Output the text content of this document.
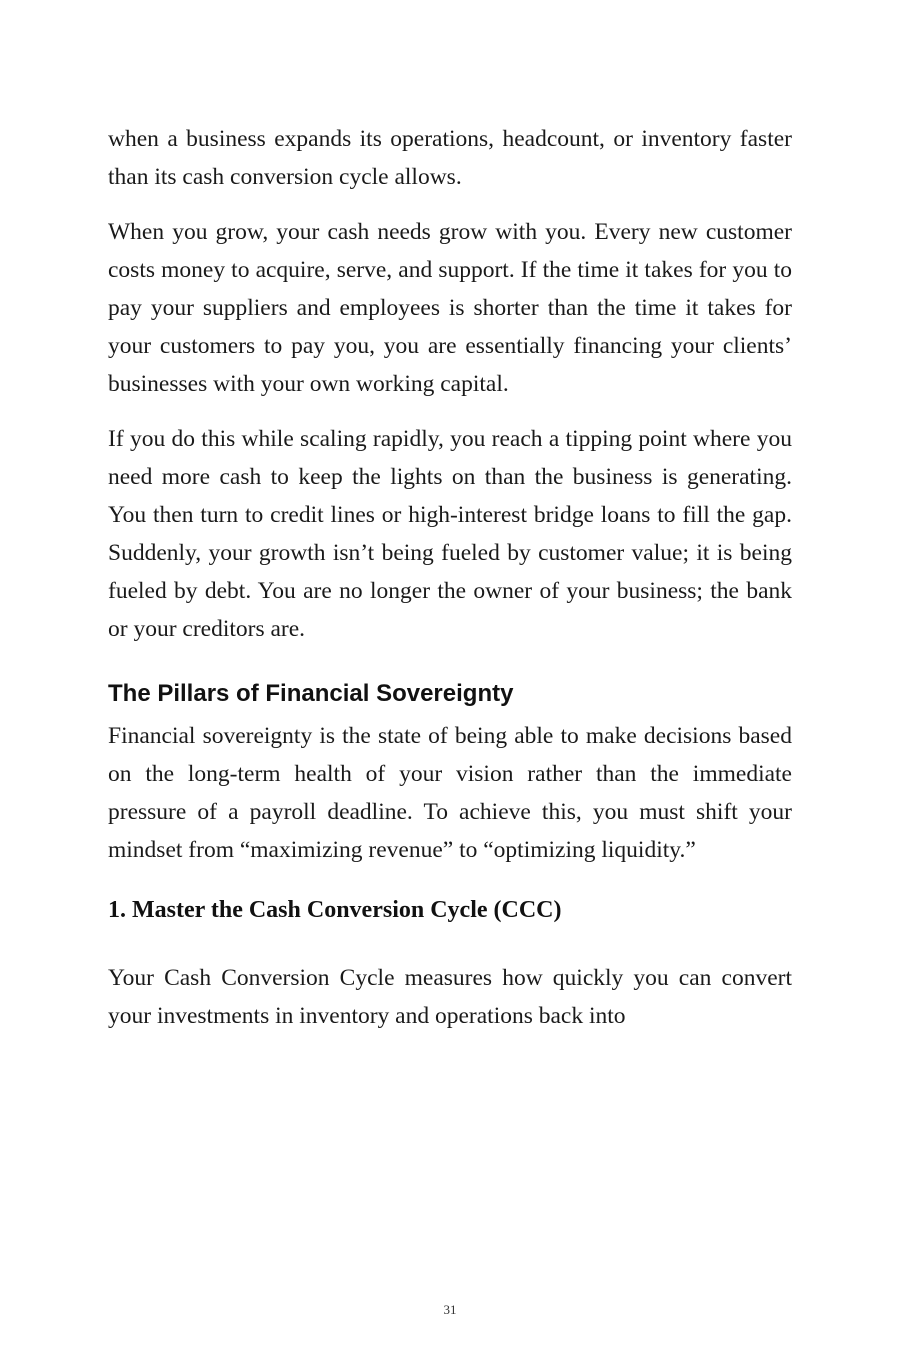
when a business expands its operations, headcount, or inventory faster than its cash conversion cycle allows.

When you grow, your cash needs grow with you. Every new customer costs money to acquire, serve, and support. If the time it takes for you to pay your suppliers and employees is shorter than the time it takes for your customers to pay you, you are essentially financing your clients’ businesses with your own working capital.

If you do this while scaling rapidly, you reach a tipping point where you need more cash to keep the lights on than the business is generating. You then turn to credit lines or high-interest bridge loans to fill the gap. Suddenly, your growth isn’t being fueled by customer value; it is being fueled by debt. You are no longer the owner of your business; the bank or your creditors are.

The Pillars of Financial Sovereignty

Financial sovereignty is the state of being able to make decisions based on the long-term health of your vision rather than the immediate pressure of a payroll deadline. To achieve this, you must shift your mindset from “maximizing revenue” to “optimizing liquidity.”

1. Master the Cash Conversion Cycle (CCC)

Your Cash Conversion Cycle measures how quickly you can convert your investments in inventory and operations back into

31
